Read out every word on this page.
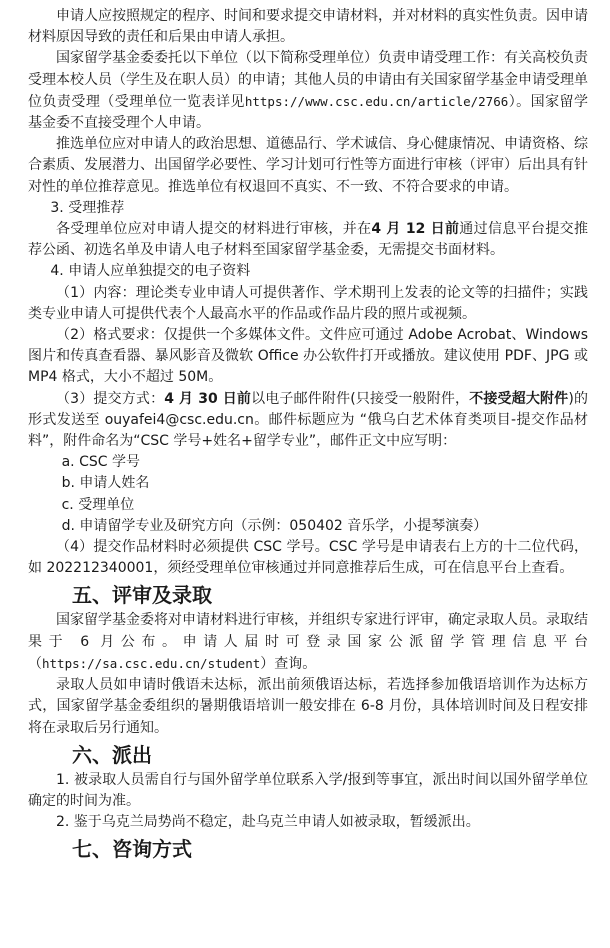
申请人应按照规定的程序、时间和要求提交申请材料，并对材料的真实性负责。因申请材料原因导致的责任和后果由申请人承担。

国家留学基金委委托以下单位（以下简称受理单位）负责申请受理工作：有关高校负责受理本校人员（学生及在职人员）的申请；其他人员的申请由有关国家留学基金申请受理单位负责受理（受理单位一览表详见https://www.csc.edu.cn/article/2766）。国家留学基金委不直接受理个人申请。

推选单位应对申请人的政治思想、道德品行、学术诚信、身心健康情况、申请资格、综合素质、发展潜力、出国留学必要性、学习计划可行性等方面进行审核（评审）后出具有针对性的单位推荐意见。推选单位有权退回不真实、不一致、不符合要求的申请。

3. 受理推荐

各受理单位应对申请人提交的材料进行审核，并在4 月 12 日前通过信息平台提交推荐公函、初选名单及申请人电子材料至国家留学基金委，无需提交书面材料。

4. 申请人应单独提交的电子资料

（1）内容：理论类专业申请人可提供著作、学术期刊上发表的论文等的扫描件；实践类专业申请人可提供代表个人最高水平的作品或作品片段的照片或视频。

（2）格式要求：仅提供一个多媒体文件。文件应可通过 Adobe Acrobat、Windows 图片和传真查看器、暴风影音及微软 Office 办公软件打开或播放。建议使用 PDF、JPG 或 MP4 格式，大小不超过 50M。

（3）提交方式：4 月 30 日前以电子邮件附件(只接受一般附件，不接受超大附件)的形式发送至 ouyafei4@csc.edu.cn。邮件标题应为 “俄乌白艺术体育类项目-提交作品材料”，附件命名为“CSC 学号+姓名+留学专业”，邮件正文中应写明：

a. CSC 学号

b. 申请人姓名

c. 受理单位

d. 申请留学专业及研究方向（示例：050402 音乐学，小提琴演奏）

（4）提交作品材料时必须提供 CSC 学号。CSC 学号是申请表右上方的十二位代码，如 202212340001，须经受理单位审核通过并同意推荐后生成，可在信息平台上查看。

五、评审及录取

国家留学基金委将对申请材料进行审核，并组织专家进行评审，确定录取人员。录取结果于 6 月公布。申请人届时可登录国家公派留学管理信息平台（https://sa.csc.edu.cn/student）查询。

录取人员如申请时俄语未达标，派出前须俄语达标，若选择参加俄语培训作为达标方式，国家留学基金委组织的暑期俄语培训一般安排在 6-8 月份，具体培训时间及日程安排将在录取后另行通知。

六、派出

1. 被录取人员需自行与国外留学单位联系入学/报到等事宜，派出时间以国外留学单位确定的时间为准。

2. 鉴于乌克兰局势尚不稳定，赴乌克兰申请人如被录取，暂缓派出。

七、咨询方式
